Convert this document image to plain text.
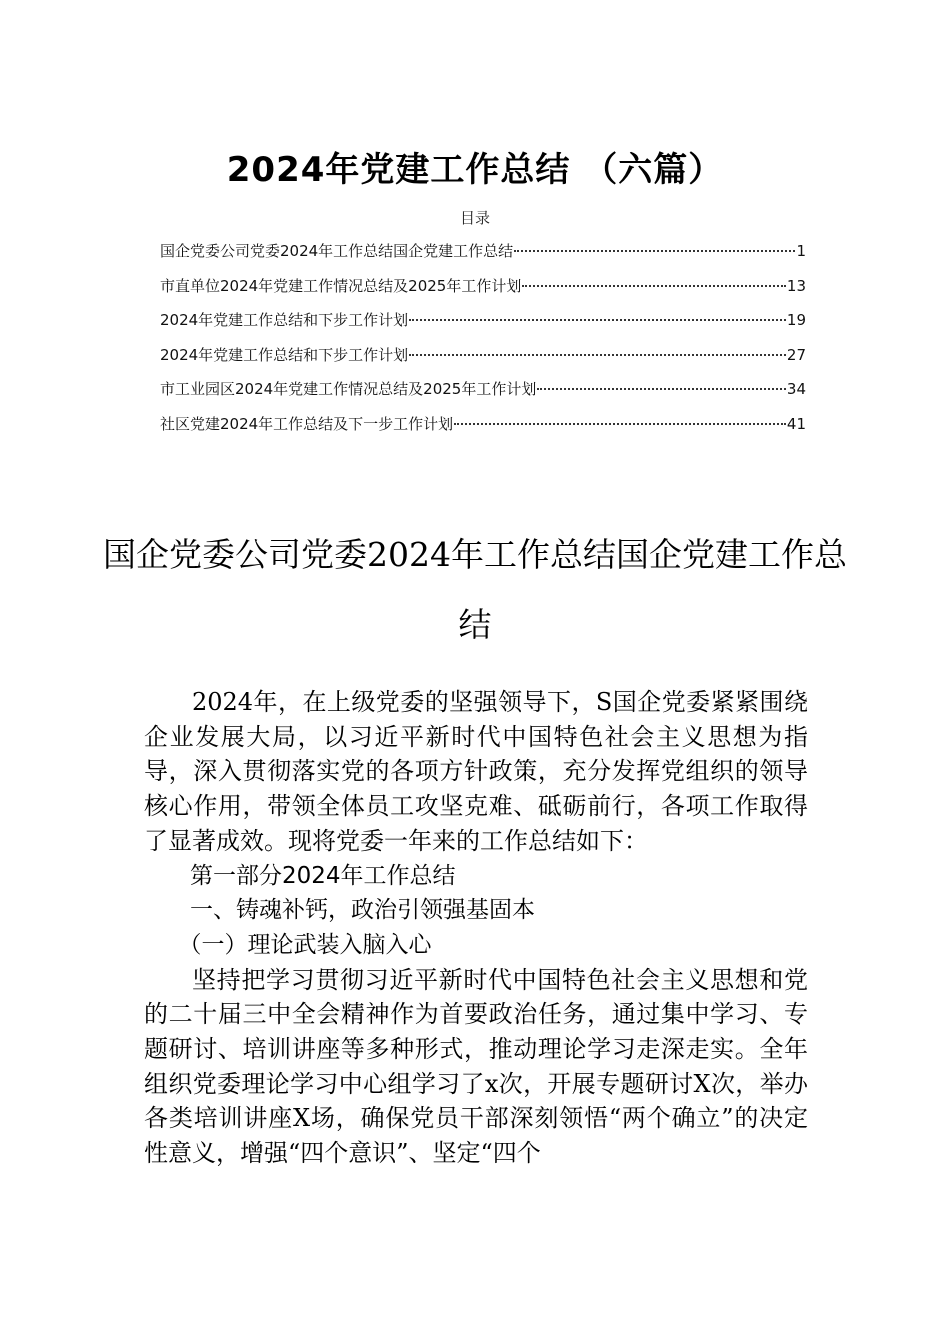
2024年党建工作总结 （六篇）
目录
国企党委公司党委2024年工作总结国企党建工作总结	1
市直单位2024年党建工作情况总结及2025年工作计划	13
2024年党建工作总结和下步工作计划	19
2024年党建工作总结和下步工作计划	27
市工业园区2024年党建工作情况总结及2025年工作计划	34
社区党建2024年工作总结及下一步工作计划	41
国企党委公司党委2024年工作总结国企党建工作总结

2024年，在上级党委的坚强领导下，S国企党委紧紧围绕企业发展大局，以习近平新时代中国特色社会主义思想为指导，深入贯彻落实党的各项方针政策，充分发挥党组织的领导核心作用，带领全体员工攻坚克难、砥砺前行，各项工作取得了显著成效。现将党委一年来的工作总结如下：

第一部分2024年工作总结

一、铸魂补钙，政治引领强基固本

（一）理论武装入脑入心

坚持把学习贯彻习近平新时代中国特色社会主义思想和党的二十届三中全会精神作为首要政治任务，通过集中学习、专题研讨、培训讲座等多种形式，推动理论学习走深走实。全年组织党委理论学习中心组学习了x次，开展专题研讨X次，举办各类培训讲座X场，确保党员干部深刻领悟“两个确立”的决定性意义，增强“四个意识”、坚定“四个
